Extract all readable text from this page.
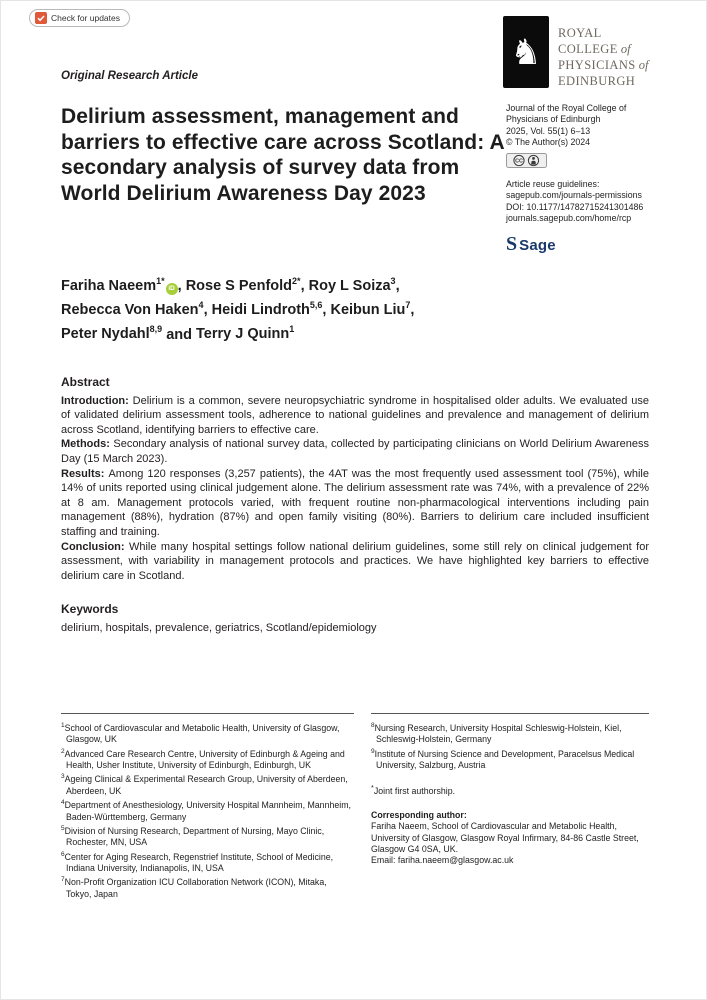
Check for updates
♞	ROYAL
COLLEGE of
PHYSICIANS of
EDINBURGH
Original Research Article
Delirium assessment, management and barriers to effective care across Scotland: A secondary analysis of survey data from World Delirium Awareness Day 2023
Journal of the Royal College of
Physicians of Edinburgh
2025, Vol. 55(1) 6–13
© The Author(s) 2024
CC
Article reuse guidelines:
sagepub.com/journals-permissions
DOI: 10.1177/14782715241301486
journals.sagepub.com/home/rcp
S Sage
Fariha Naeem$^{1*}$iD , Rose S Penfold$^{2*}$, Roy L Soiza$^3$, Rebecca Von Haken$^4$, Heidi Lindroth$^{5,6}$, Keibun Liu$^7$, Peter Nydahl$^{8,9}$ and Terry J Quinn$^1$
Abstract

Introduction: Delirium is a common, severe neuropsychiatric syndrome in hospitalised older adults. We evaluated use of validated delirium assessment tools, adherence to national guidelines and prevalence and management of delirium across Scotland, identifying barriers to effective care.

Methods: Secondary analysis of national survey data, collected by participating clinicians on World Delirium Awareness Day (15 March 2023).

Results: Among 120 responses (3,257 patients), the 4AT was the most frequently used assessment tool (75%), while 14% of units reported using clinical judgement alone. The delirium assessment rate was 74%, with a prevalence of 22% at 8 am. Management protocols varied, with frequent routine non-pharmacological interventions including pain management (88%), hydration (87%) and open family visiting (80%). Barriers to delirium care included insufficient staffing and training.

Conclusion: While many hospital settings follow national delirium guidelines, some still rely on clinical judgement for assessment, with variability in management protocols and practices. We have highlighted key barriers to effective delirium care in Scotland.

Keywords
delirium, hospitals, prevalence, geriatrics, Scotland/epidemiology
$^1$School of Cardiovascular and Metabolic Health, University of Glasgow, Glasgow, UK
$^2$Advanced Care Research Centre, University of Edinburgh & Ageing and Health, Usher Institute, University of Edinburgh, Edinburgh, UK
$^3$Ageing Clinical & Experimental Research Group, University of Aberdeen, Aberdeen, UK
$^4$Department of Anesthesiology, University Hospital Mannheim, Mannheim, Baden-Württemberg, Germany
$^5$Division of Nursing Research, Department of Nursing, Mayo Clinic, Rochester, MN, USA
$^6$Center for Aging Research, Regenstrief Institute, School of Medicine, Indiana University, Indianapolis, IN, USA
$^7$Non-Profit Organization ICU Collaboration Network (ICON), Mitaka, Tokyo, Japan
$^8$Nursing Research, University Hospital Schleswig-Holstein, Kiel, Schleswig-Holstein, Germany
$^9$Institute of Nursing Science and Development, Paracelsus Medical University, Salzburg, Austria
*Joint first authorship.
Corresponding author:
Fariha Naeem, School of Cardiovascular and Metabolic Health, University of Glasgow, Glasgow Royal Infirmary, 84-86 Castle Street, Glasgow G4 0SA, UK.
Email: fariha.naeem@glasgow.ac.uk
